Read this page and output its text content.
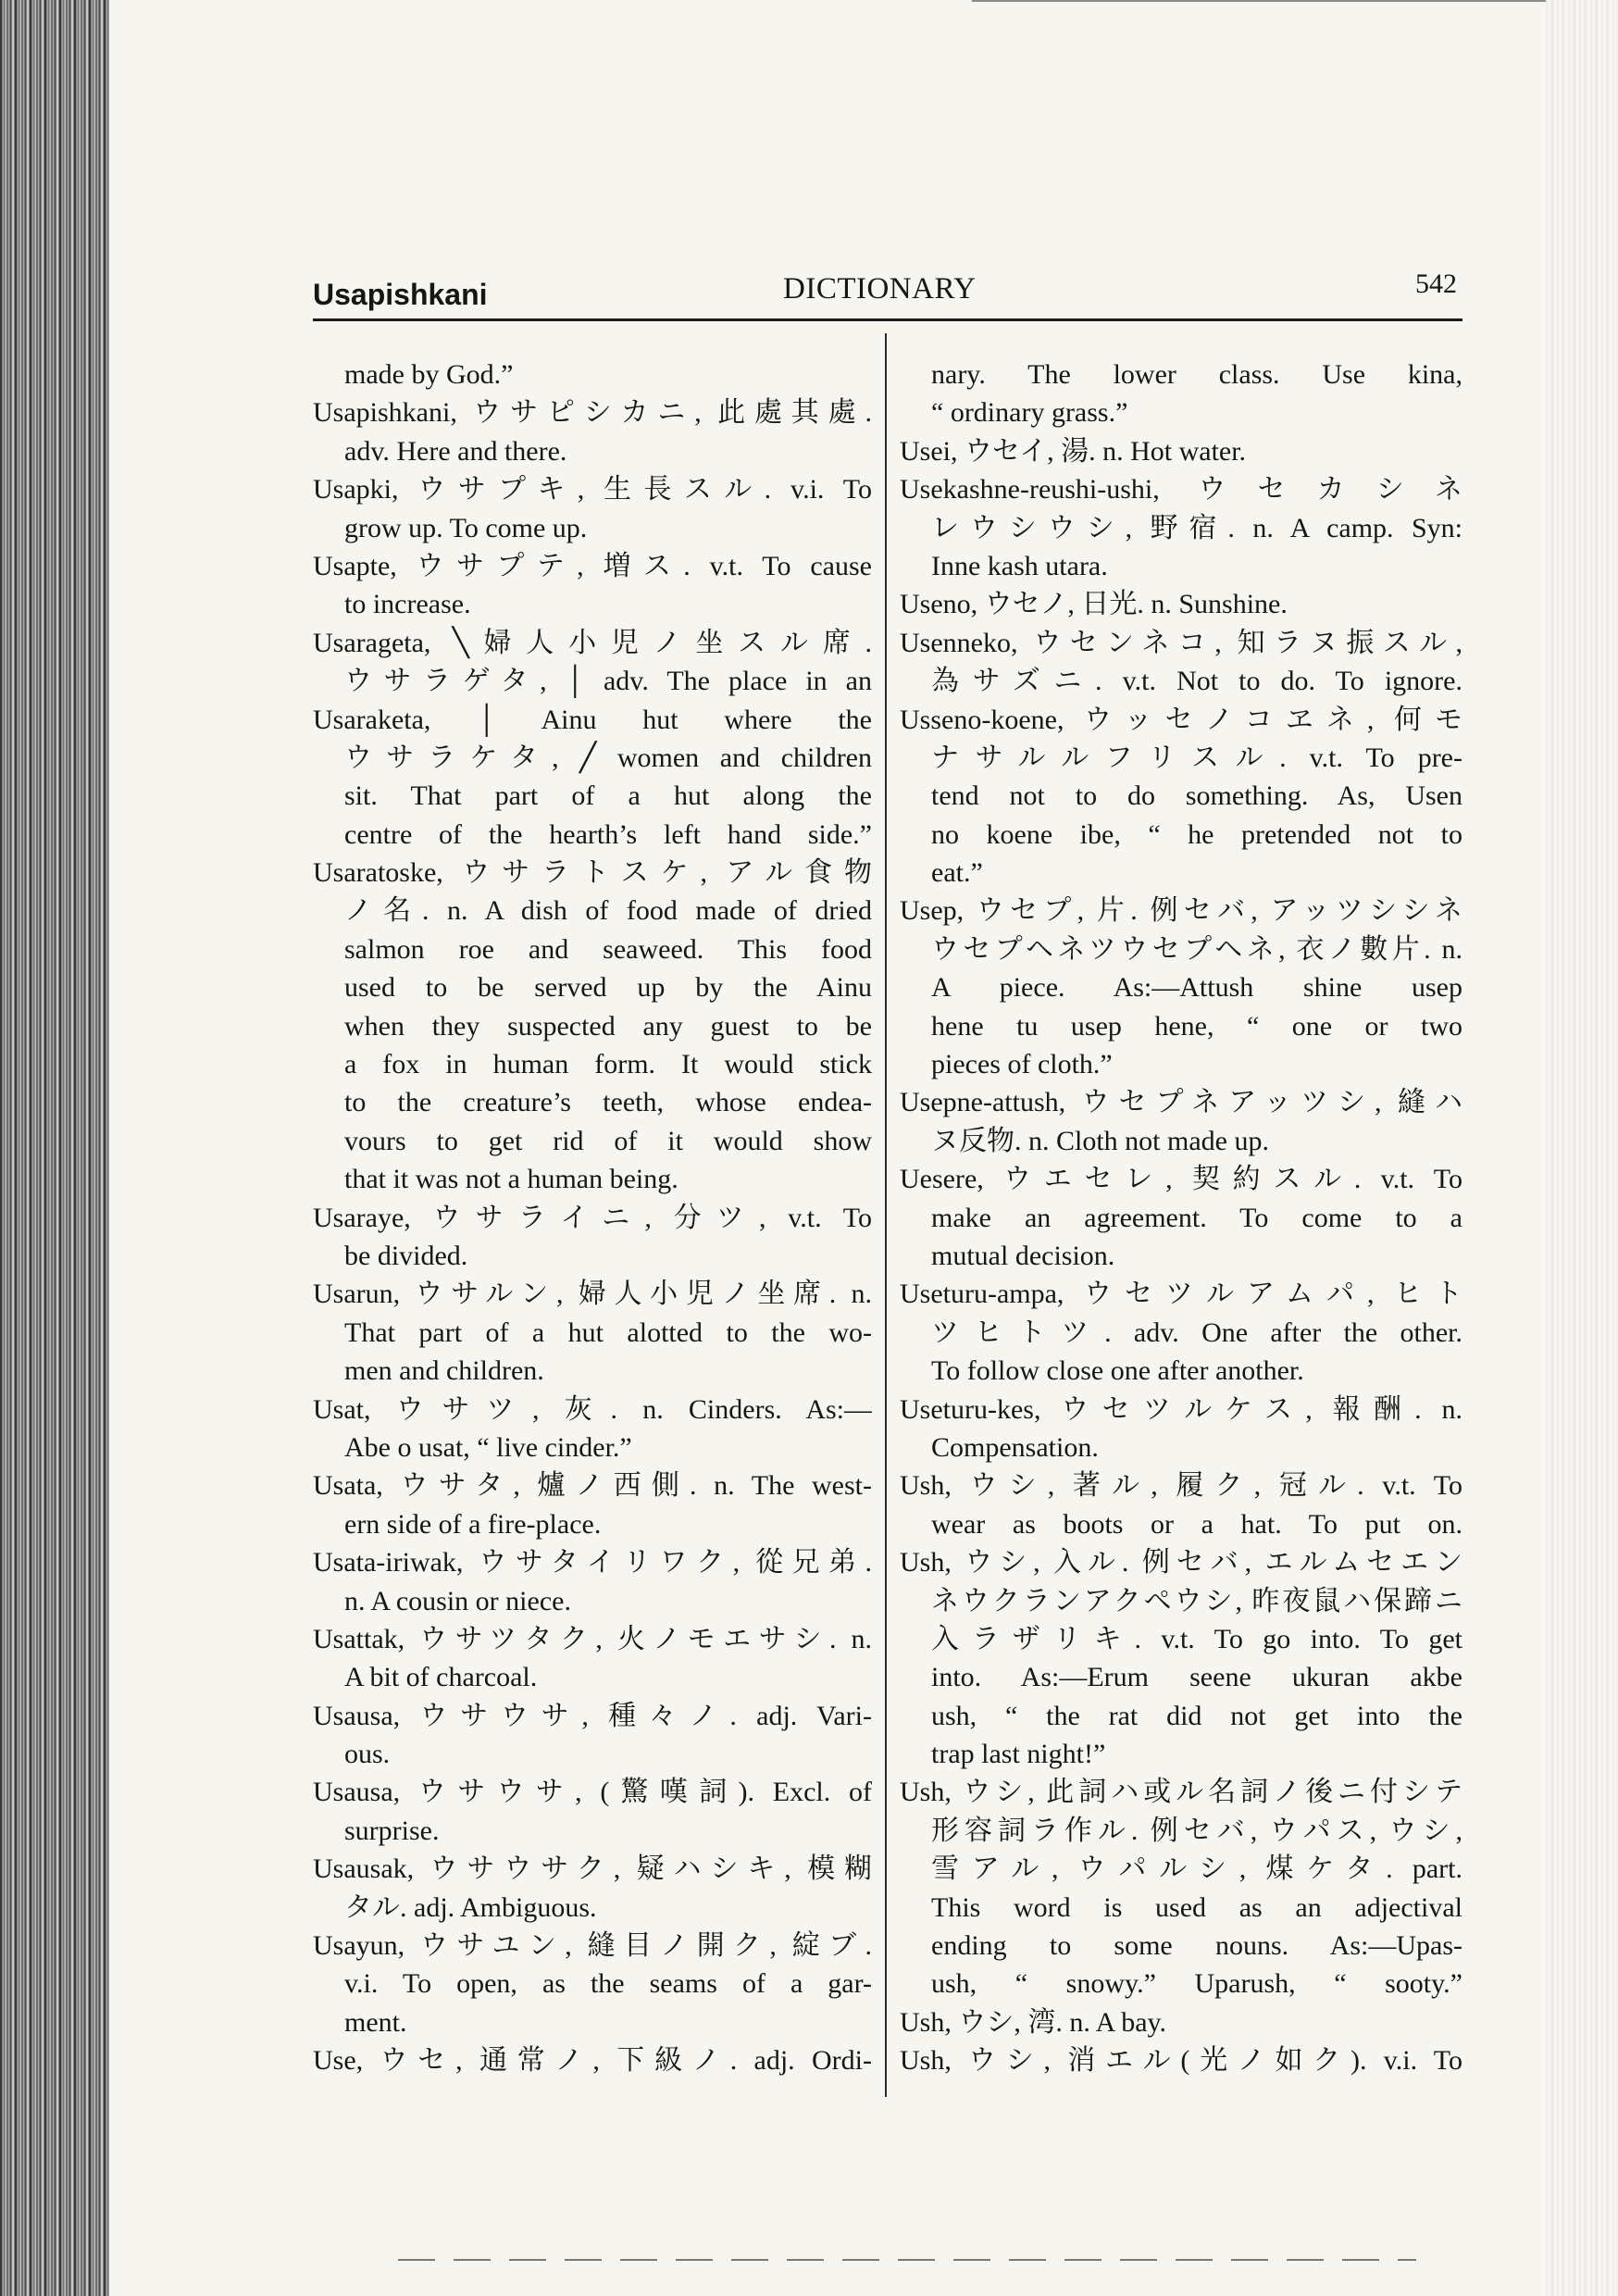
Usapishkani	DICTIONARY	542
made by God.”
Usapishkani, ウサピシカニ, 此處其處.
adv. Here and there.
Usapki, ウサプキ, 生長スル. v.i. To
grow up. To come up.
Usapte, ウサプテ, 増ス. v.t. To cause
to increase.
Usarageta, ╲婦人小児ノ坐スル席.
ウサラゲタ, │ adv. The place in an
Usaraketa, │ Ainu hut where the
ウサラケタ, ╱ women and children
sit. That part of a hut along the
centre of the hearth’s left hand side.”
Usaratoske, ウサラトスケ, アル食物
ノ名. n. A dish of food made of dried
salmon roe and seaweed. This food
used to be served up by the Ainu
when they suspected any guest to be
a fox in human form. It would stick
to the creature’s teeth, whose endea-
vours to get rid of it would show
that it was not a human being.
Usaraye, ウサライニ, 分ツ, v.t. To
be divided.
Usarun, ウサルン, 婦人小児ノ坐席. n.
That part of a hut alotted to the wo-
men and children.
Usat, ウサツ, 灰. n. Cinders. As:—
Abe o usat, “ live cinder.”
Usata, ウサタ, 爐ノ西側. n. The west-
ern side of a fire-place.
Usata-iriwak, ウサタイリワク, 從兄弟.
n. A cousin or niece.
Usattak, ウサツタク, 火ノモエサシ. n.
A bit of charcoal.
Usausa, ウサウサ, 種々ノ. adj. Vari-
ous.
Usausa, ウサウサ, (驚嘆詞). Excl. of
surprise.
Usausak, ウサウサク, 疑ハシキ, 模糊
タル. adj. Ambiguous.
Usayun, ウサユン, 縫目ノ開ク, 綻ブ.
v.i. To open, as the seams of a gar-
ment.
Use, ウセ, 通常ノ, 下級ノ. adj. Ordi-
nary. The lower class. Use kina,
“ ordinary grass.”
Usei, ウセイ, 湯. n. Hot water.
Usekashne-reushi-ushi, ウセカシネ
レウシウシ, 野宿. n. A camp. Syn:
Inne kash utara.
Useno, ウセノ, 日光. n. Sunshine.
Usenneko, ウセンネコ, 知ラヌ振スル,
為サズニ. v.t. Not to do. To ignore.
Usseno-koene, ウッセノコヱネ, 何モ
ナサルルフリスル. v.t. To pre-
tend not to do something. As, Usen
no koene ibe, “ he pretended not to
eat.”
Usep, ウセプ, 片. 例セバ, アッツシシネ
ウセプヘネツウセプヘネ, 衣ノ數片. n.
A piece. As:—Attush shine usep
hene tu usep hene, “ one or two
pieces of cloth.”
Usepne-attush, ウセプネアッツシ, 縫ハ
ヌ反物. n. Cloth not made up.
Uesere, ウエセレ, 契約スル. v.t. To
make an agreement. To come to a
mutual decision.
Useturu-ampa, ウセツルアムパ, ヒト
ツヒトツ. adv. One after the other.
To follow close one after another.
Useturu-kes, ウセツルケス, 報酬. n.
Compensation.
Ush, ウシ, 著ル, 履ク, 冠ル. v.t. To
wear as boots or a hat. To put on.
Ush, ウシ, 入ル. 例セバ, エルムセエン
ネウクランアクペウシ, 昨夜鼠ハ保蹄ニ
入ラザリキ. v.t. To go into. To get
into. As:—Erum seene ukuran akbe
ush, “ the rat did not get into the
trap last night!”
Ush, ウシ, 此詞ハ或ル名詞ノ後ニ付シテ
形容詞ラ作ル. 例セバ, ウパス, ウシ,
雪アル, ウパルシ, 煤ケタ. part.
This word is used as an adjectival
ending to some nouns. As:—Upas-
ush, “ snowy.” Uparush, “ sooty.”
Ush, ウシ, 湾. n. A bay.
Ush, ウシ, 消エル(光ノ如ク). v.i. To
